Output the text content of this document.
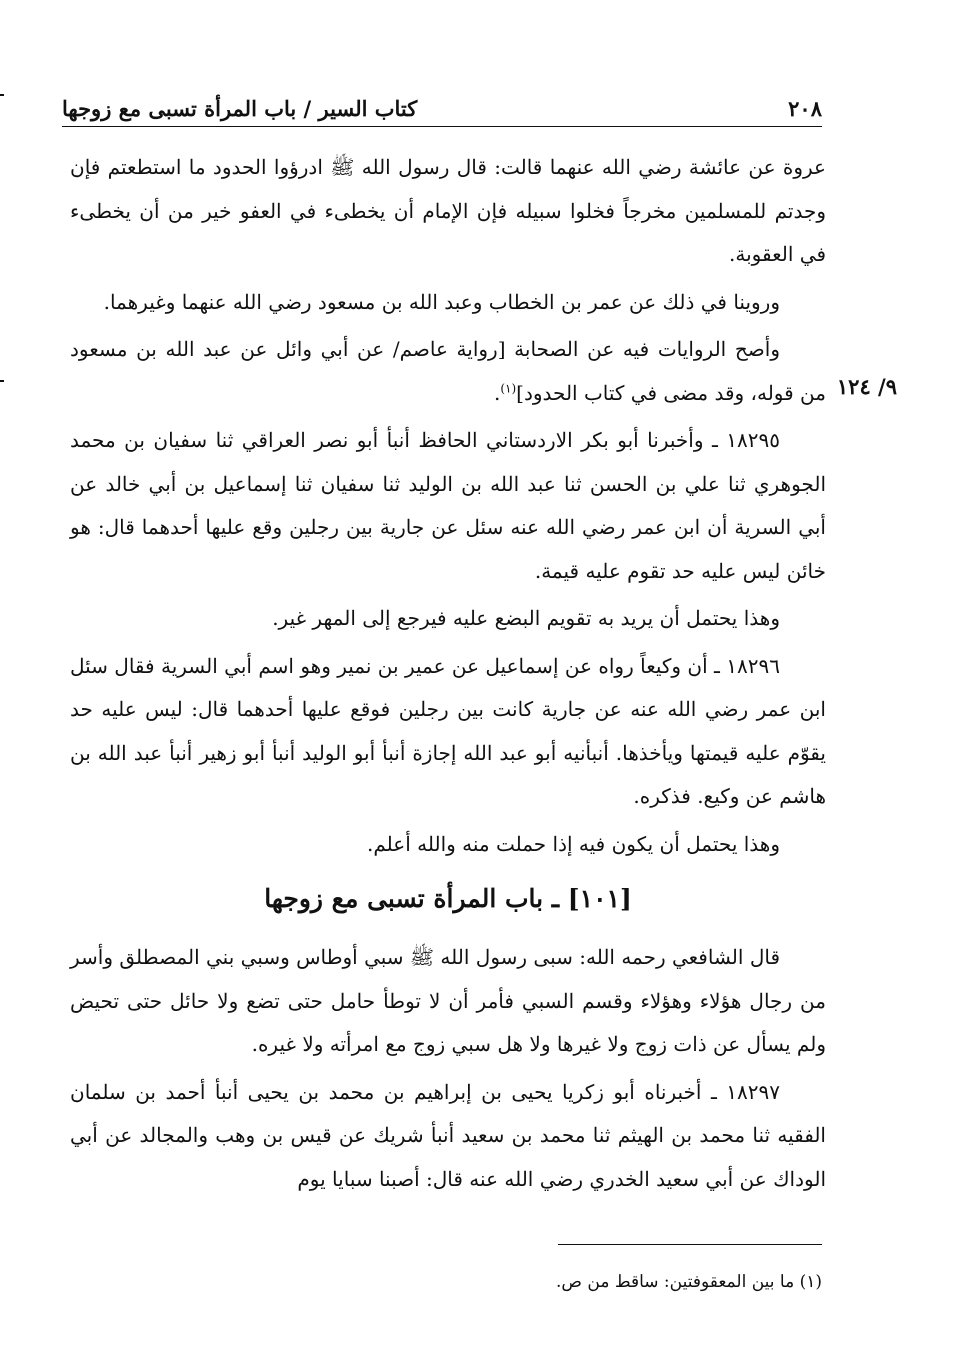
٢٠٨
كتاب السير / باب المرأة تسبى مع زوجها
٩/ ١٢٤

عروة عن عائشة رضي الله عنهما قالت: قال رسول الله ﷺ ادرؤوا الحدود ما استطعتم فإن وجدتم للمسلمين مخرجاً فخلوا سبيله فإن الإمام أن يخطىء في العفو خير من أن يخطىء في العقوبة.

وروينا في ذلك عن عمر بن الخطاب وعبد الله بن مسعود رضي الله عنهما وغيرهما.

وأصح الروايات فيه عن الصحابة [رواية عاصم/ عن أبي وائل عن عبد الله بن مسعود من قوله، وقد مضى في كتاب الحدود]$^{(١)}$.

١٨٢٩٥ ـ وأخبرنا أبو بكر الاردستاني الحافظ أنبأ أبو نصر العراقي ثنا سفيان بن محمد الجوهري ثنا علي بن الحسن ثنا عبد الله بن الوليد ثنا سفيان ثنا إسماعيل بن أبي خالد عن أبي السرية أن ابن عمر رضي الله عنه سئل عن جارية بين رجلين وقع عليها أحدهما قال: هو خائن ليس عليه حد تقوم عليه قيمة.

وهذا يحتمل أن يريد به تقويم البضع عليه فيرجع إلى المهر غير.

١٨٢٩٦ ـ أن وكيعاً رواه عن إسماعيل عن عمير بن نمير وهو اسم أبي السرية فقال سئل ابن عمر رضي الله عنه عن جارية كانت بين رجلين فوقع عليها أحدهما قال: ليس عليه حد يقوّم عليه قيمتها ويأخذها. أنبأنيه أبو عبد الله إجازة أنبأ أبو الوليد أنبأ أبو زهير أنبأ عبد الله بن هاشم عن وكيع. فذكره.

وهذا يحتمل أن يكون فيه إذا حملت منه والله أعلم.

[١٠١] ـ باب المرأة تسبى مع زوجها

قال الشافعي رحمه الله: سبى رسول الله ﷺ سبي أوطاس وسبي بني المصطلق وأسر من رجال هؤلاء وهؤلاء وقسم السبي فأمر أن لا توطأ حامل حتى تضع ولا حائل حتى تحيض ولم يسأل عن ذات زوج ولا غيرها ولا هل سبي زوج مع امرأته ولا غيره.

١٨٢٩٧ ـ أخبرناه أبو زكريا يحيى بن إبراهيم بن محمد بن يحيى أنبأ أحمد بن سلمان الفقيه ثنا محمد بن الهيثم ثنا محمد بن سعيد أنبأ شريك عن قيس بن وهب والمجالد عن أبي الوداك عن أبي سعيد الخدري رضي الله عنه قال: أصبنا سبايا يوم

(١) ما بين المعقوفتين: ساقط من ص.
